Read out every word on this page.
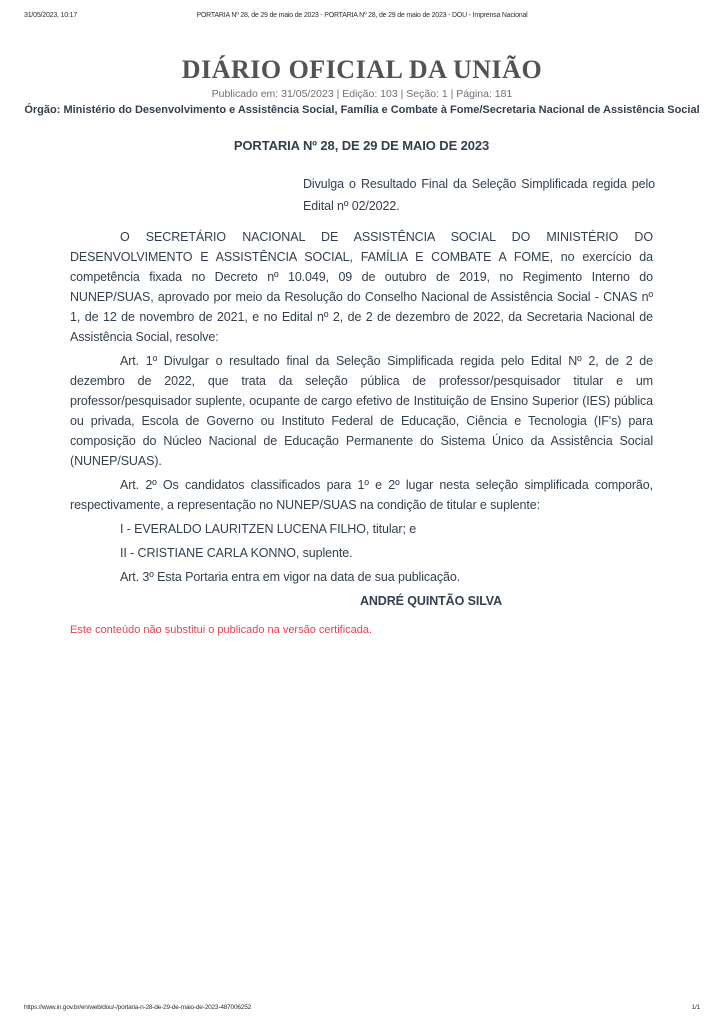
31/05/2023, 10:17	PORTARIA Nº 28, de 29 de maio de 2023 - PORTARIA Nº 28, de 29 de maio de 2023 - DOU - Imprensa Nacional
DIÁRIO OFICIAL DA UNIÃO

Publicado em: 31/05/2023 | Edição: 103 | Seção: 1 | Página: 181

Órgão: Ministério do Desenvolvimento e Assistência Social, Família e Combate à Fome/Secretaria Nacional de Assistência Social

PORTARIA Nº 28, DE 29 DE MAIO DE 2023

Divulga o Resultado Final da Seleção Simplificada regida pelo Edital nº 02/2022.

O SECRETÁRIO NACIONAL DE ASSISTÊNCIA SOCIAL DO MINISTÉRIO DO DESENVOLVIMENTO E ASSISTÊNCIA SOCIAL, FAMÍLIA E COMBATE A FOME, no exercício da competência fixada no Decreto nº 10.049, 09 de outubro de 2019, no Regimento Interno do NUNEP/SUAS, aprovado por meio da Resolução do Conselho Nacional de Assistência Social - CNAS nº 1, de 12 de novembro de 2021, e no Edital nº 2, de 2 de dezembro de 2022, da Secretaria Nacional de Assistência Social, resolve:

Art. 1º Divulgar o resultado final da Seleção Simplificada regida pelo Edital Nº 2, de 2 de dezembro de 2022, que trata da seleção pública de professor/pesquisador titular e um professor/pesquisador suplente, ocupante de cargo efetivo de Instituição de Ensino Superior (IES) pública ou privada, Escola de Governo ou Instituto Federal de Educação, Ciência e Tecnologia (IF's) para composição do Núcleo Nacional de Educação Permanente do Sistema Único da Assistência Social (NUNEP/SUAS).

Art. 2º Os candidatos classificados para 1º e 2º lugar nesta seleção simplificada comporão, respectivamente, a representação no NUNEP/SUAS na condição de titular e suplente:

I - EVERALDO LAURITZEN LUCENA FILHO, titular; e

II - CRISTIANE CARLA KONNO, suplente.

Art. 3º Esta Portaria entra em vigor na data de sua publicação.

ANDRÉ QUINTÃO SILVA

Este conteúdo não substitui o publicado na versão certificada.

https://www.in.gov.br/en/web/dou/-/portaria-n-28-de-29-de-maio-de-2023-487006252	1/1
